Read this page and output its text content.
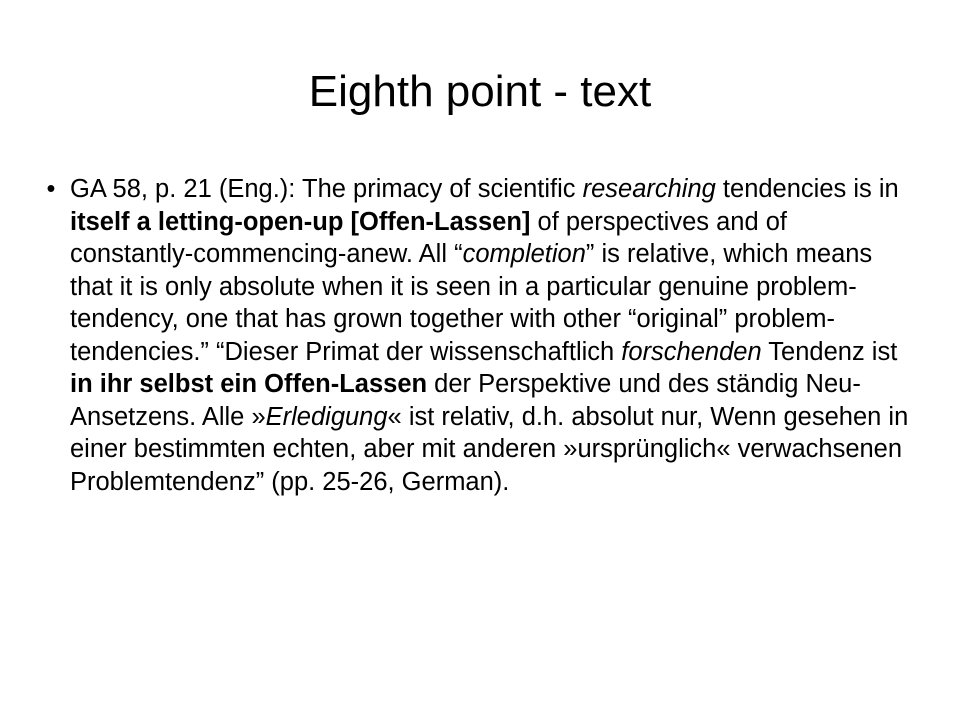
Eighth point - text
• GA 58, p. 21 (Eng.): The primacy of scientific researching tendencies is in itself a letting-open-up [Offen-Lassen] of perspectives and of constantly-commencing-anew. All “completion” is relative, which means that it is only absolute when it is seen in a particular genuine problem-tendency, one that has grown together with other “original” problem-tendencies.” “Dieser Primat der wissenschaftlich forschenden Tendenz ist in ihr selbst ein Offen-Lassen der Perspektive und des ständig Neu-Ansetzens. Alle »Erledigung« ist relativ, d.h. absolut nur, Wenn gesehen in einer bestimmten echten, aber mit anderen »ursprünglich« verwachsenen Problemtendenz” (pp. 25-26, German).
